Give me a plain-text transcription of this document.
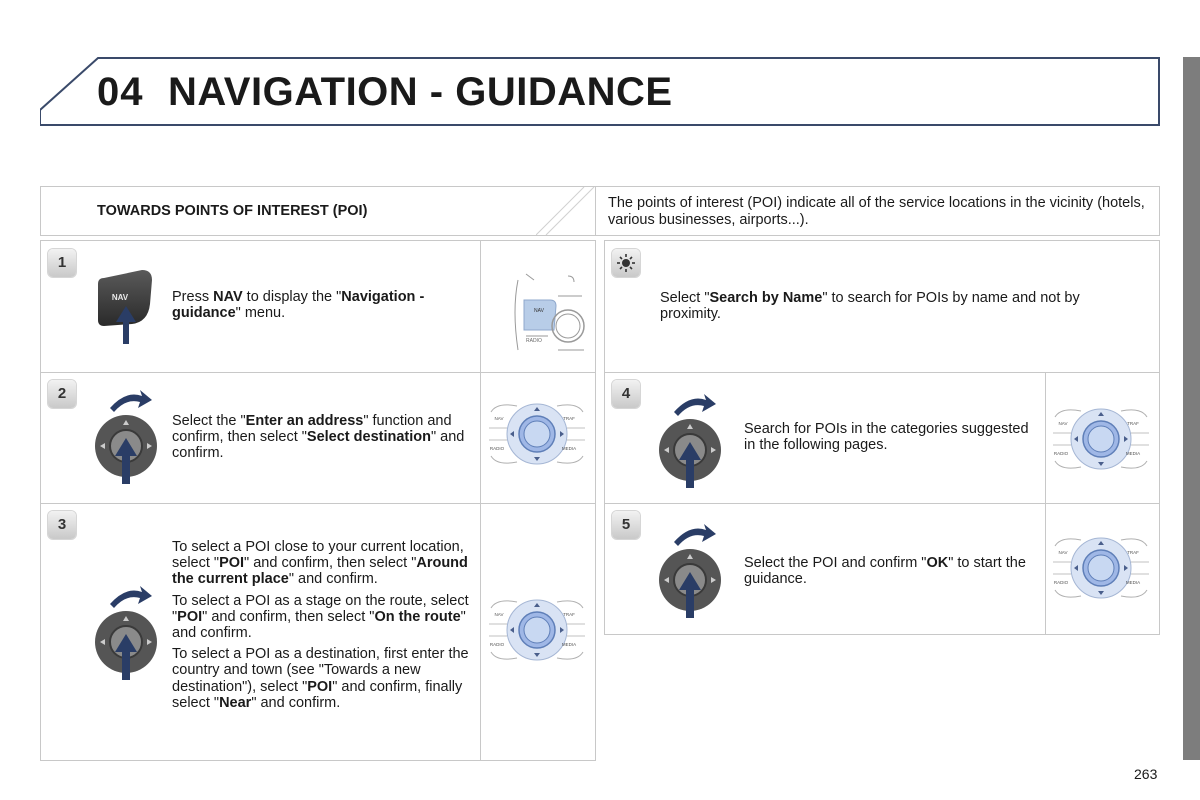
04 NAVIGATION - GUIDANCE
TOWARDS POINTS OF INTEREST (POI)	The points of interest (POI) indicate all of the service locations in the vicinity (hotels, various businesses, airports...).
1
2
3
4
5
Press NAV to display the "Navigation - guidance" menu.
Select the "Enter an address" function and confirm, then select "Select destination" and confirm.
To select a POI close to your current location, select "POI" and confirm, then select "Around the current place" and confirm.
To select a POI as a stage on the route, select "POI" and confirm, then select "On the route" and confirm.
To select a POI as a destination, first enter the country and town (see "Towards a new destination"), select "POI" and confirm, finally select "Near" and confirm.
Select "Search by Name" to search for POIs by name and not by proximity.
Search for POIs in the categories suggested in the following pages.
Select the POI and confirm "OK" to start the guidance.
NAV
NAV
RADIO
NAV	TRAF
RADIO	MEDIA
NAV	TRAF
RADIO	MEDIA
NAV	TRAF
RADIO	MEDIA
NAV	TRAF
RADIO	MEDIA
263
